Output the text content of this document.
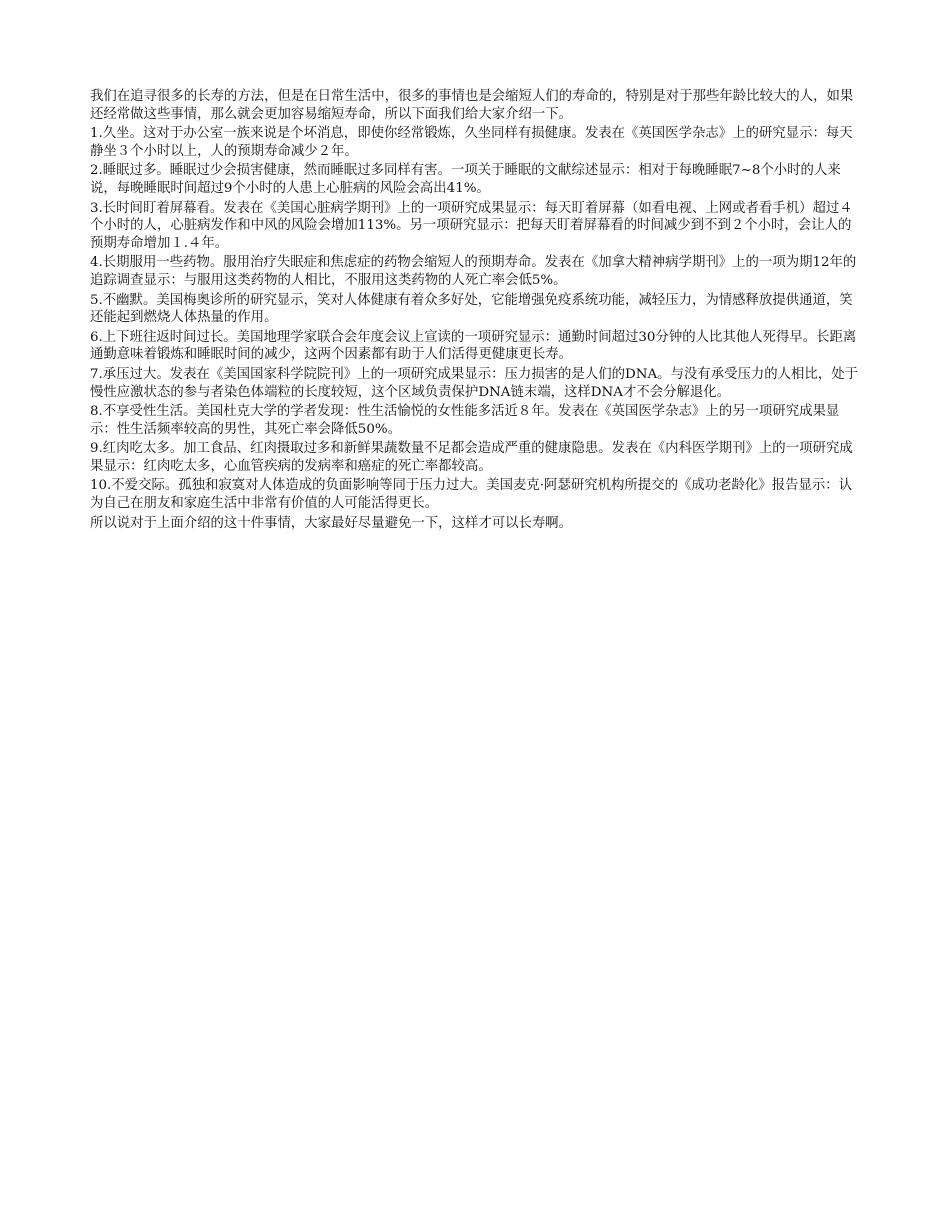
我们在追寻很多的长寿的方法，但是在日常生活中，很多的事情也是会缩短人们的寿命的，特别是对于那些年龄比较大的人，如果还经常做这些事情，那么就会更加容易缩短寿命，所以下面我们给大家介绍一下。

1.久坐。这对于办公室一族来说是个坏消息，即使你经常锻炼，久坐同样有损健康。发表在《英国医学杂志》上的研究显示：每天静坐３个小时以上，人的预期寿命减少２年。

2.睡眠过多。睡眠过少会损害健康，然而睡眠过多同样有害。一项关于睡眠的文献综述显示：相对于每晚睡眠7~8个小时的人来说，每晚睡眠时间超过9个小时的人患上心脏病的风险会高出41%。

3.长时间盯着屏幕看。发表在《美国心脏病学期刊》上的一项研究成果显示：每天盯着屏幕（如看电视、上网或者看手机）超过４个小时的人，心脏病发作和中风的风险会增加113%。另一项研究显示：把每天盯着屏幕看的时间减少到不到２个小时，会让人的预期寿命增加１.４年。

4.长期服用一些药物。服用治疗失眠症和焦虑症的药物会缩短人的预期寿命。发表在《加拿大精神病学期刊》上的一项为期12年的追踪调查显示：与服用这类药物的人相比，不服用这类药物的人死亡率会低5%。

5.不幽默。美国梅奥诊所的研究显示，笑对人体健康有着众多好处，它能增强免疫系统功能，减轻压力，为情感释放提供通道，笑还能起到燃烧人体热量的作用。

6.上下班往返时间过长。美国地理学家联合会年度会议上宣读的一项研究显示：通勤时间超过30分钟的人比其他人死得早。长距离通勤意味着锻炼和睡眠时间的减少，这两个因素都有助于人们活得更健康更长寿。

7.承压过大。发表在《美国国家科学院院刊》上的一项研究成果显示：压力损害的是人们的DNA。与没有承受压力的人相比，处于慢性应激状态的参与者染色体端粒的长度较短，这个区域负责保护DNA链末端，这样DNA才不会分解退化。

8.不享受性生活。美国杜克大学的学者发现：性生活愉悦的女性能多活近８年。发表在《英国医学杂志》上的另一项研究成果显示：性生活频率较高的男性，其死亡率会降低50%。

9.红肉吃太多。加工食品、红肉摄取过多和新鲜果蔬数量不足都会造成严重的健康隐患。发表在《内科医学期刊》上的一项研究成果显示：红肉吃太多，心血管疾病的发病率和癌症的死亡率都较高。

10.不爱交际。孤独和寂寞对人体造成的负面影响等同于压力过大。美国麦克·阿瑟研究机构所提交的《成功老龄化》报告显示：认为自己在朋友和家庭生活中非常有价值的人可能活得更长。

所以说对于上面介绍的这十件事情，大家最好尽量避免一下，这样才可以长寿啊。
